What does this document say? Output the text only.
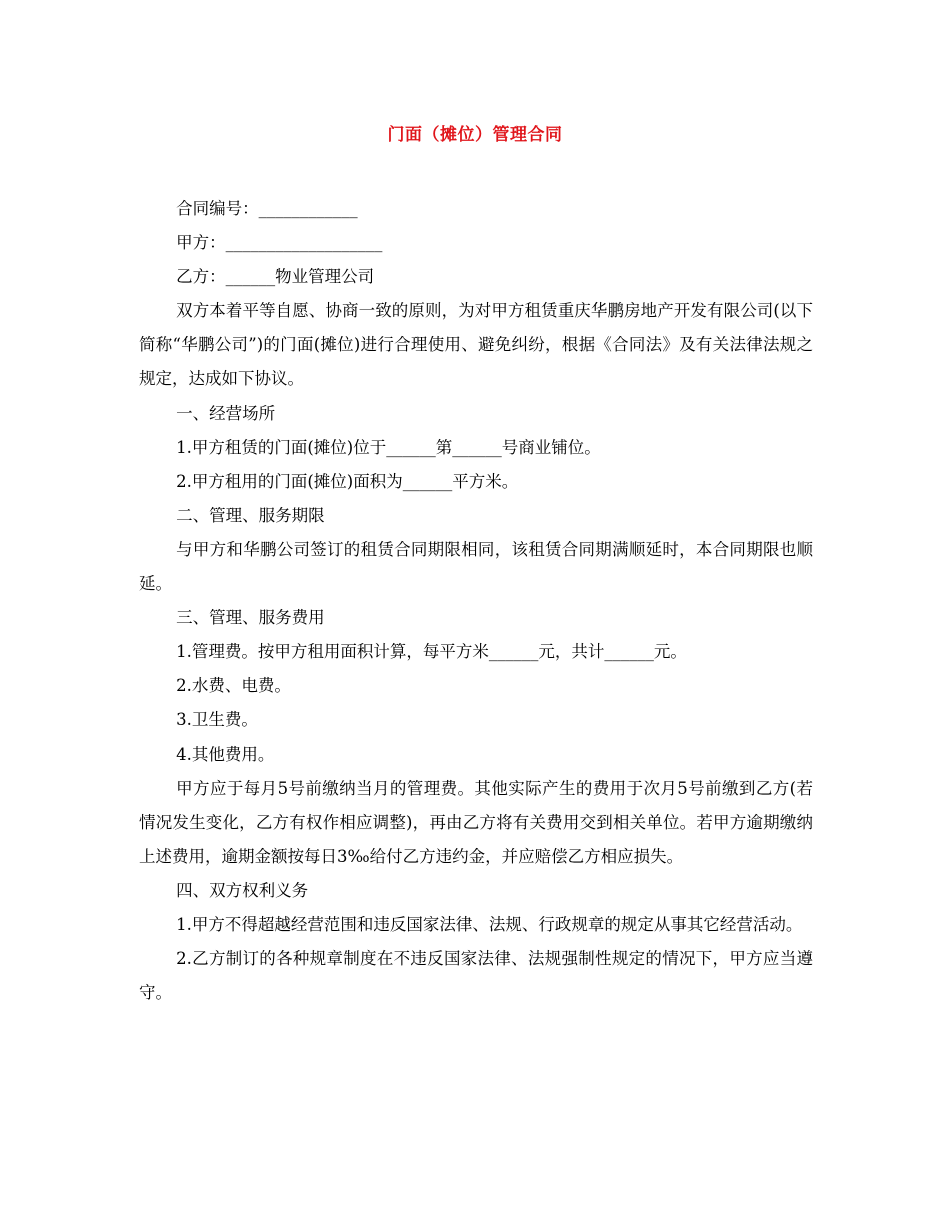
门面（摊位）管理合同

合同编号：____________

甲方：___________________

乙方：______物业管理公司

双方本着平等自愿、协商一致的原则，为对甲方租赁重庆华鹏房地产开发有限公司(以下简称“华鹏公司”)的门面(摊位)进行合理使用、避免纠纷，根据《合同法》及有关法律法规之规定，达成如下协议。

一、经营场所

1.甲方租赁的门面(摊位)位于______第______号商业铺位。

2.甲方租用的门面(摊位)面积为______平方米。

二、管理、服务期限

与甲方和华鹏公司签订的租赁合同期限相同，该租赁合同期满顺延时，本合同期限也顺延。

三、管理、服务费用

1.管理费。按甲方租用面积计算，每平方米______元，共计______元。

2.水费、电费。

3.卫生费。

4.其他费用。

甲方应于每月5号前缴纳当月的管理费。其他实际产生的费用于次月5号前缴到乙方(若情况发生变化，乙方有权作相应调整)，再由乙方将有关费用交到相关单位。若甲方逾期缴纳上述费用，逾期金额按每日3‰给付乙方违约金，并应赔偿乙方相应损失。

四、双方权利义务

1.甲方不得超越经营范围和违反国家法律、法规、行政规章的规定从事其它经营活动。

2.乙方制订的各种规章制度在不违反国家法律、法规强制性规定的情况下，甲方应当遵守。
